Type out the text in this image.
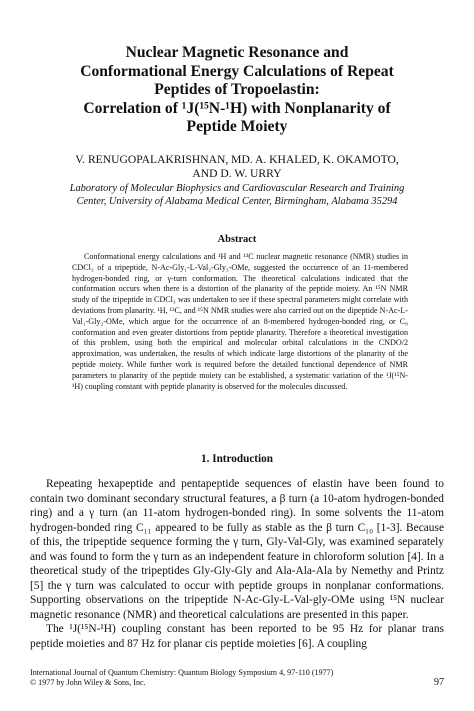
Nuclear Magnetic Resonance and
Conformational Energy Calculations of Repeat
Peptides of Tropoelastin:
Correlation of ¹J(¹⁵N-¹H) with Nonplanarity of
Peptide Moiety
V. RENUGOPALAKRISHNAN, MD. A. KHALED, K. OKAMOTO,
AND D. W. URRY
Laboratory of Molecular Biophysics and Cardiovascular Research and Training
Center, University of Alabama Medical Center, Birmingham, Alabama 35294
Abstract

Conformational energy calculations and ¹H and ¹³C nuclear magnetic resonance (NMR) studies in CDCl₃ of a tripeptide, N-Ac-Gly₁-L-Val₂-Gly₃-OMe, suggested the occurrence of an 11-membered hydrogen-bonded ring, or γ-turn conformation. The theoretical calculations indicated that the conformation occurs when there is a distortion of the planarity of the peptide moiety. An ¹⁵N NMR study of the tripeptide in CDCl₃ was undertaken to see if these spectral parameters might correlate with deviations from planarity. ¹H, ¹³C, and ¹⁵N NMR studies were also carried out on the dipeptide N-Ac-L-Val₁-Gly₂-OMe, which argue for the occurrence of an 8-membered hydrogen-bonded ring, or C₈ conformation and even greater distortions from peptide planarity. Therefore a theoretical investigation of this problem, using both the empirical and molecular orbital calculations in the CNDO/2 approximation, was undertaken, the results of which indicate large distortions of the planarity of the peptide moiety. While further work is required before the detailed functional dependence of NMR parameters to planarity of the peptide moiety can be established, a systematic variation of the ¹J(¹⁵N-¹H) coupling constant with peptide planarity is observed for the molecules discussed.

1. Introduction

Repeating hexapeptide and pentapeptide sequences of elastin have been found to contain two dominant secondary structural features, a β turn (a 10-atom hydrogen-bonded ring) and a γ turn (an 11-atom hydrogen-bonded ring). In some solvents the 11-atom hydrogen-bonded ring C₁₁ appeared to be fully as stable as the β turn C₁₀ [1-3]. Because of this, the tripeptide sequence forming the γ turn, Gly-Val-Gly, was examined separately and was found to form the γ turn as an independent feature in chloroform solution [4]. In a theoretical study of the tripeptides Gly-Gly-Gly and Ala-Ala-Ala by Nemethy and Printz [5] the γ turn was calculated to occur with peptide groups in nonplanar conformations. Supporting observations on the tripeptide N-Ac-Gly-L-Val-gly-OMe using ¹⁵N nuclear magnetic resonance (NMR) and theoretical calculations are presented in this paper.

The ¹J(¹⁵N-¹H) coupling constant has been reported to be 95 Hz for planar trans peptide moieties and 87 Hz for planar cis peptide moieties [6]. A coupling

International Journal of Quantum Chemistry: Quantum Biology Symposium 4, 97-110 (1977)
© 1977 by John Wiley & Sons, Inc.	97
